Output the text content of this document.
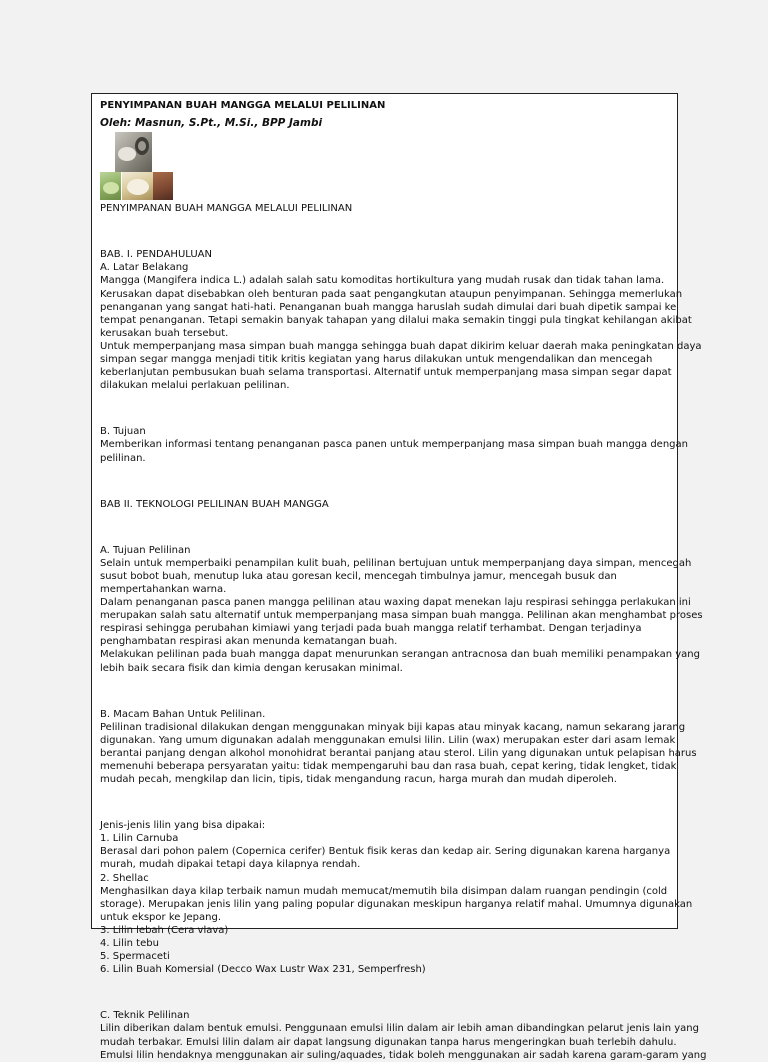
PENYIMPANAN BUAH MANGGA MELALUI PELILINAN

Oleh: Masnun, S.Pt., M.Si., BPP Jambi

PENYIMPANAN BUAH MANGGA MELALUI PELILINAN

BAB. I. PENDAHULUAN

A. Latar Belakang

Mangga (Mangifera indica L.) adalah salah satu komoditas hortikultura yang mudah rusak dan tidak tahan lama.

Kerusakan dapat disebabkan oleh benturan pada saat pengangkutan ataupun penyimpanan. Sehingga memerlukan

penanganan yang sangat hati-hati. Penanganan buah mangga haruslah sudah dimulai dari buah dipetik sampai ke

tempat penanganan. Tetapi semakin banyak tahapan yang dilalui maka semakin tinggi pula tingkat kehilangan akibat

kerusakan buah tersebut.

Untuk memperpanjang masa simpan buah mangga sehingga buah dapat dikirim keluar daerah maka peningkatan daya

simpan segar mangga menjadi titik kritis kegiatan yang harus dilakukan untuk mengendalikan dan mencegah

keberlanjutan pembusukan buah selama transportasi. Alternatif untuk memperpanjang masa simpan segar dapat

dilakukan melalui perlakuan pelilinan.

B. Tujuan

Memberikan informasi tentang penanganan pasca panen untuk memperpanjang masa simpan buah mangga dengan

pelilinan.

BAB II. TEKNOLOGI PELILINAN BUAH MANGGA

A. Tujuan Pelilinan

Selain untuk memperbaiki penampilan kulit buah, pelilinan bertujuan untuk memperpanjang daya simpan, mencegah

susut bobot buah, menutup luka atau goresan kecil, mencegah timbulnya jamur, mencegah busuk dan

mempertahankan warna.

Dalam penanganan pasca panen mangga pelilinan atau waxing dapat menekan laju respirasi sehingga perlakukan ini

merupakan salah satu alternatif untuk memperpanjang masa simpan buah mangga. Pelilinan akan menghambat proses

respirasi sehingga perubahan kimiawi yang terjadi pada buah mangga relatif terhambat. Dengan terjadinya

penghambatan respirasi akan menunda kematangan buah.

Melakukan pelilinan pada buah mangga dapat menurunkan serangan antracnosa dan buah memiliki penampakan yang

lebih baik secara fisik dan kimia dengan kerusakan minimal.

B. Macam Bahan Untuk Pelilinan.

Pelilinan tradisional dilakukan dengan menggunakan minyak biji kapas atau minyak kacang, namun sekarang jarang

digunakan. Yang umum digunakan adalah menggunakan emulsi lilin. Lilin (wax) merupakan ester dari asam lemak

berantai panjang dengan alkohol monohidrat berantai panjang atau sterol. Lilin yang digunakan untuk pelapisan harus

memenuhi beberapa persyaratan yaitu: tidak mempengaruhi bau dan rasa buah, cepat kering, tidak lengket, tidak

mudah pecah, mengkilap dan licin, tipis, tidak mengandung racun, harga murah dan mudah diperoleh.

Jenis-jenis lilin yang bisa dipakai:

1. Lilin Carnuba

Berasal dari pohon palem (Copernica cerifer) Bentuk fisik keras dan kedap air. Sering digunakan karena harganya

murah, mudah dipakai tetapi daya kilapnya rendah.

2. Shellac

Menghasilkan daya kilap terbaik namun mudah memucat/memutih bila disimpan dalam ruangan pendingin (cold

storage). Merupakan jenis lilin yang paling popular digunakan meskipun harganya relatif mahal. Umumnya digunakan

untuk ekspor ke Jepang.

3. Lilin lebah (Cera vlava)

4. Lilin tebu

5. Spermaceti

6. Lilin Buah Komersial (Decco Wax Lustr Wax 231, Semperfresh)

C. Teknik Pelilinan

Lilin diberikan dalam bentuk emulsi. Penggunaan emulsi lilin dalam air lebih aman dibandingkan pelarut jenis lain yang

mudah terbakar. Emulsi lilin dalam air dapat langsung digunakan tanpa harus mengeringkan buah terlebih dahulu.

Emulsi lilin hendaknya menggunakan air suling/aquades, tidak boleh menggunakan air sadah karena garam-garam yang
